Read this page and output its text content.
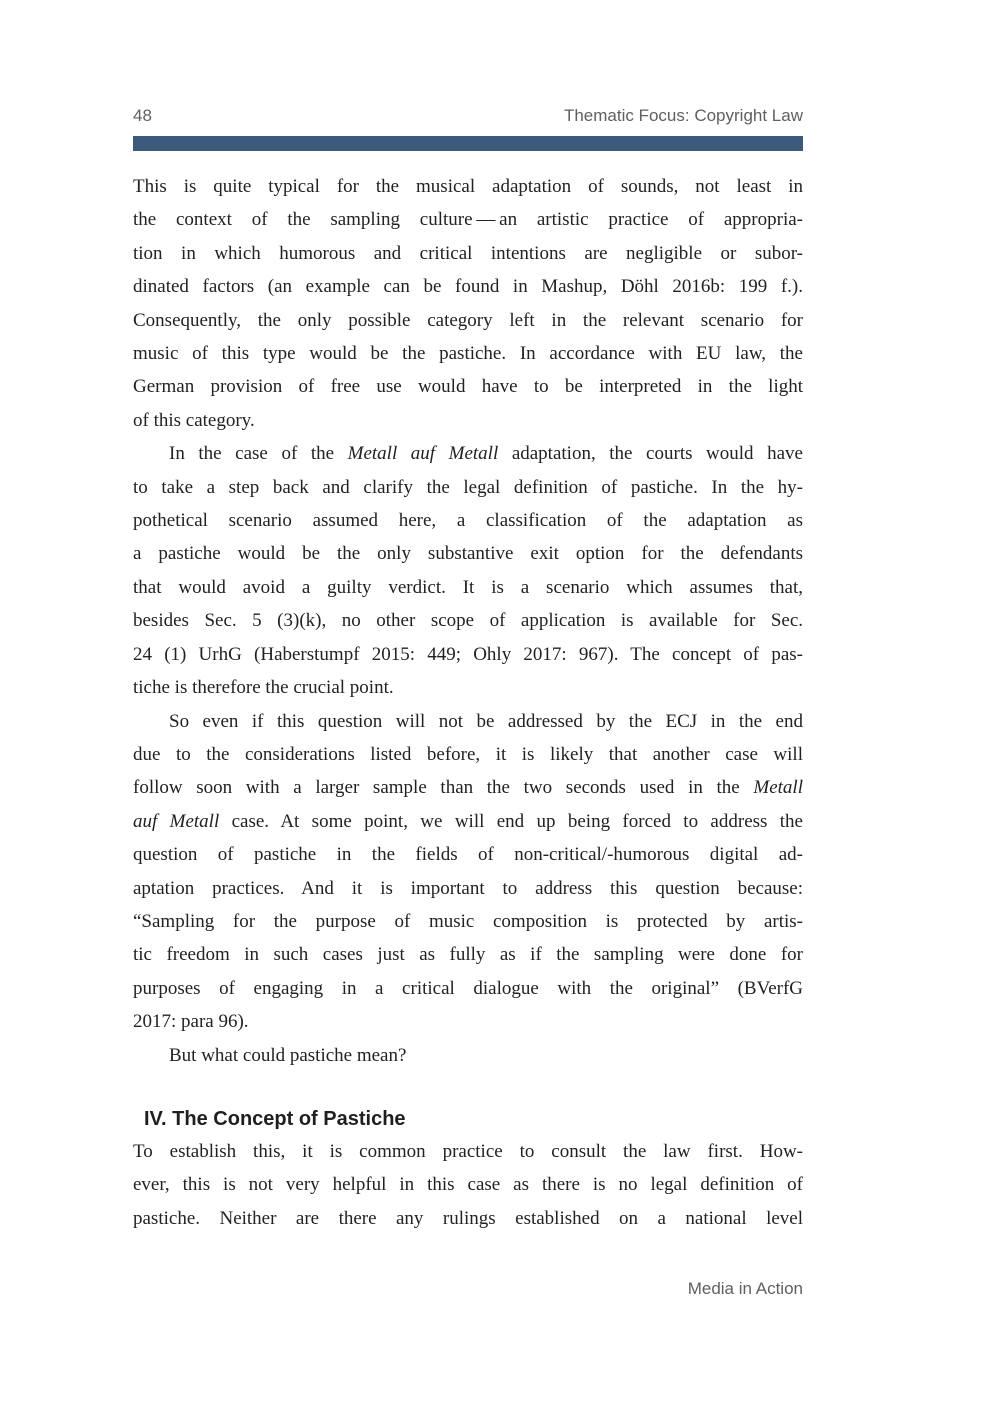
48	Thematic Focus: Copyright Law
This is quite typical for the musical adaptation of sounds, not least in
the context of the sampling culture — an artistic practice of appropria-
tion in which humorous and critical intentions are negligible or subor-
dinated factors (an example can be found in Mashup, Döhl 2016b: 199 f.).
Consequently, the only possible category left in the relevant scenario for
music of this type would be the pastiche. In accordance with EU law, the
German provision of free use would have to be interpreted in the light
of this category.
In the case of the Metall auf Metall adaptation, the courts would have
to take a step back and clarify the legal definition of pastiche. In the hy-
pothetical scenario assumed here, a classification of the adaptation as
a pastiche would be the only substantive exit option for the defendants
that would avoid a guilty verdict. It is a scenario which assumes that,
besides Sec. 5 (3)(k), no other scope of application is available for Sec.
24 (1) UrhG (Haberstumpf 2015: 449; Ohly 2017: 967). The concept of pas-
tiche is therefore the crucial point.
So even if this question will not be addressed by the ECJ in the end
due to the considerations listed before, it is likely that another case will
follow soon with a larger sample than the two seconds used in the Metall
auf Metall case. At some point, we will end up being forced to address the
question of pastiche in the fields of non-critical/-humorous digital ad-
aptation practices. And it is important to address this question because:
“Sampling for the purpose of music composition is protected by artis-
tic freedom in such cases just as fully as if the sampling were done for
purposes of engaging in a critical dialogue with the original” (BVerfG
2017: para 96).
But what could pastiche mean?
IV. The Concept of Pastiche
To establish this, it is common practice to consult the law first. How-
ever, this is not very helpful in this case as there is no legal definition of
pastiche. Neither are there any rulings established on a national level
Media in Action
